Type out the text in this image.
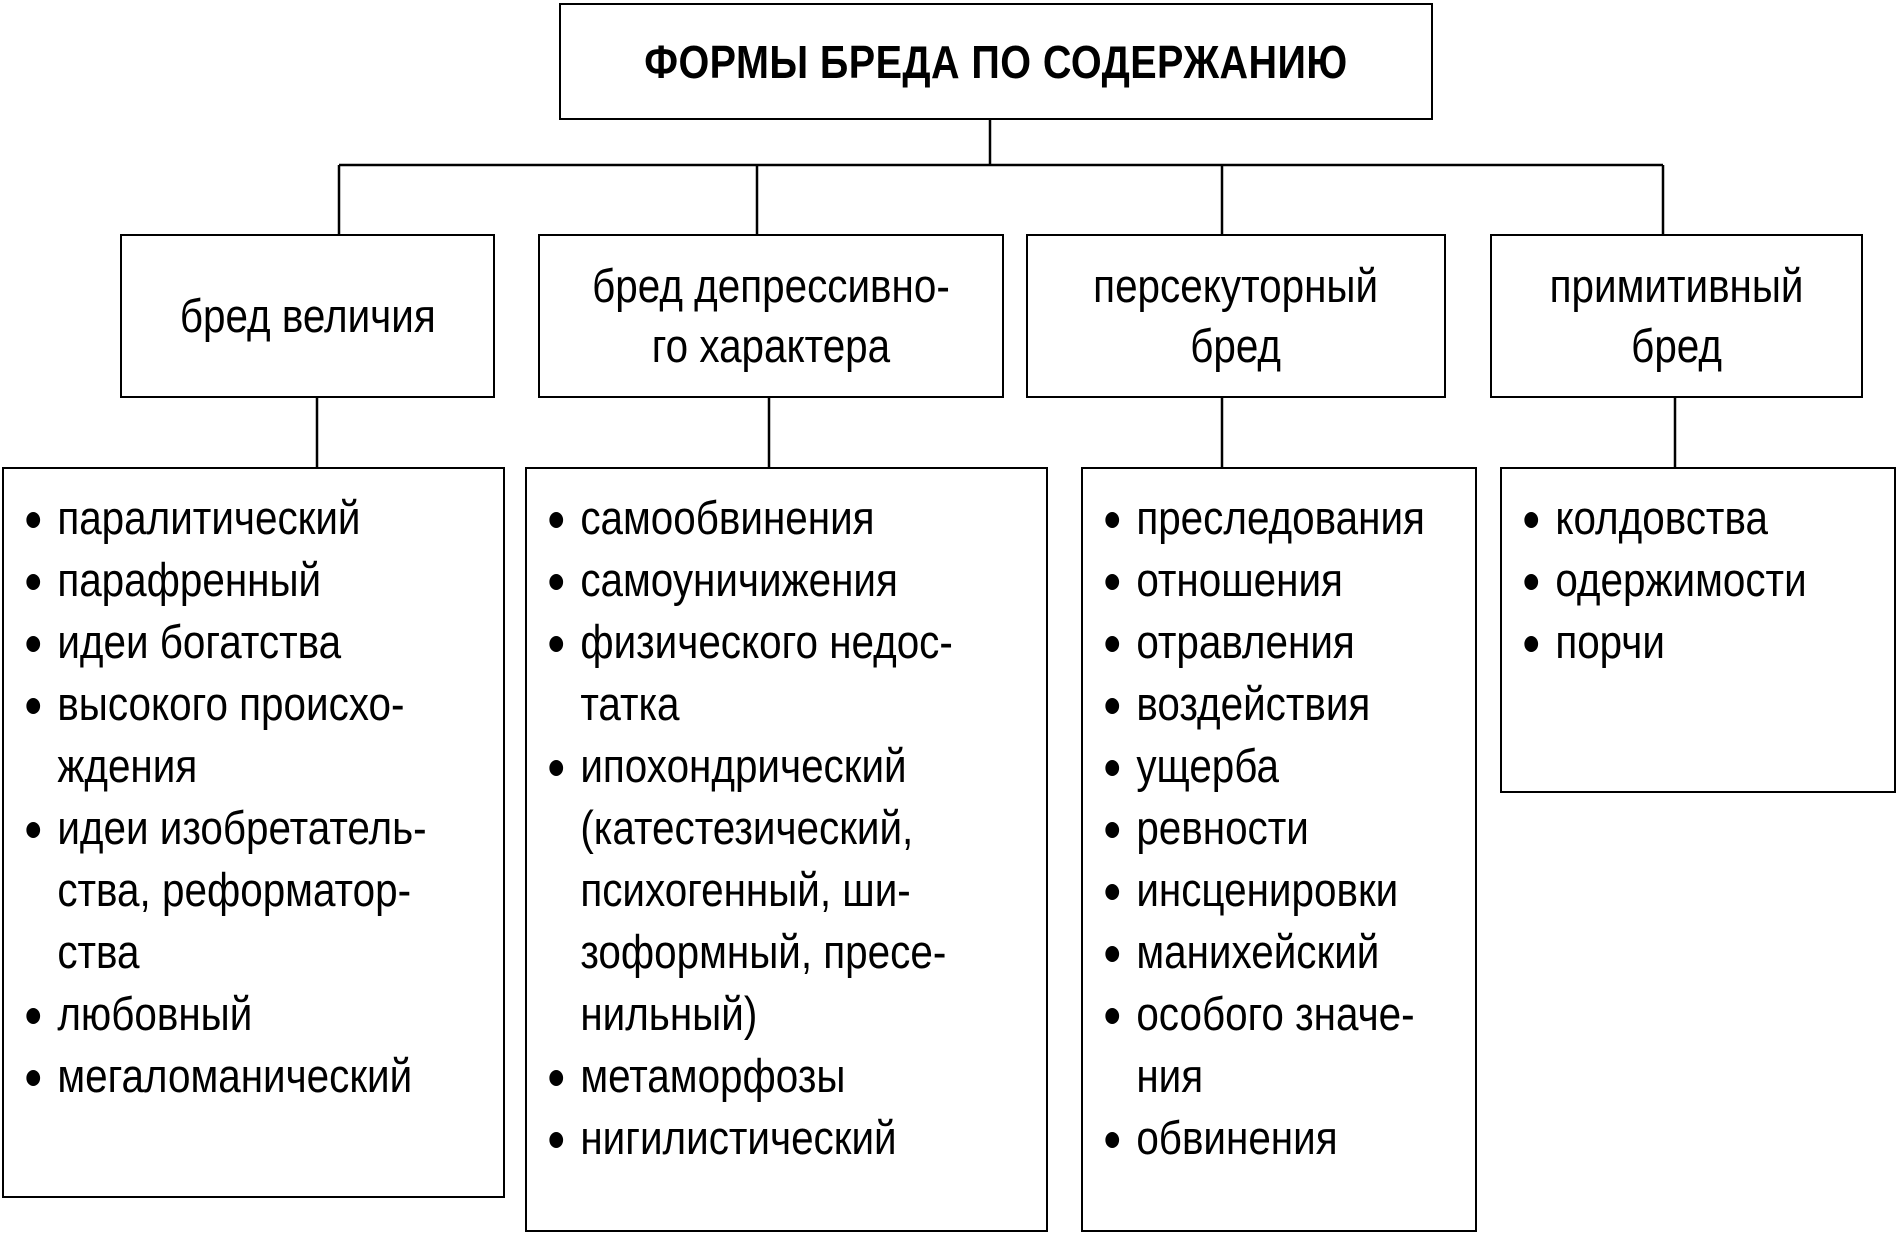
ФОРМЫ БРЕДА ПО СОДЕРЖАНИЮ
бред величия
бред депрессивно-
го характера
персекуторный
бред
примитивный
бред
паралитический
парафренный
идеи богатства
высокого происхо-
ждения
идеи изобретатель-
ства, реформатор-
ства
любовный
мегаломанический
самообвинения
самоуничижения
физического недос-
татка
ипохондрический
(катестезический,
психогенный, ши-
зоформный, пресе-
нильный)
метаморфозы
нигилистический
преследования
отношения
отравления
воздействия
ущерба
ревности
инсценировки
манихейский
особого значе-
ния
обвинения
колдовства
одержимости
порчи
